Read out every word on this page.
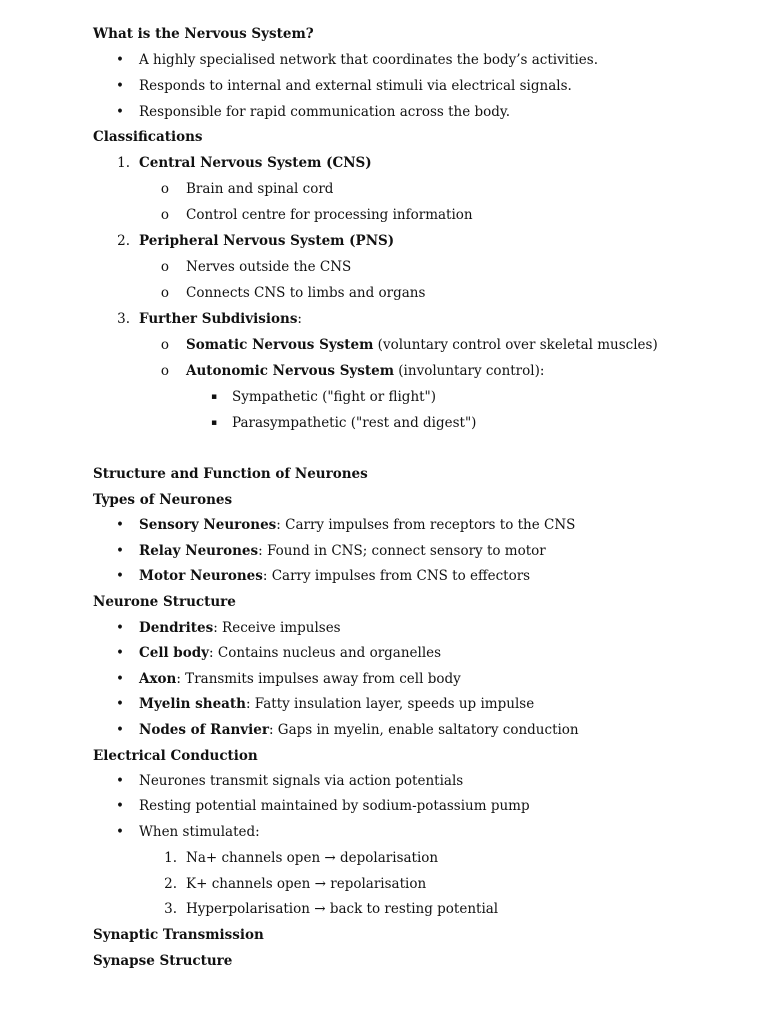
What is the Nervous System?
• A highly specialised network that coordinates the body’s activities.
• Responds to internal and external stimuli via electrical signals.
• Responsible for rapid communication across the body.
Classifications
1. Central Nervous System (CNS)
o Brain and spinal cord
o Control centre for processing information
2. Peripheral Nervous System (PNS)
o Nerves outside the CNS
o Connects CNS to limbs and organs
3. Further Subdivisions:
o Somatic Nervous System (voluntary control over skeletal muscles)
o Autonomic Nervous System (involuntary control):
▪ Sympathetic ("fight or flight")
▪ Parasympathetic ("rest and digest")
Structure and Function of Neurones
Types of Neurones
• Sensory Neurones: Carry impulses from receptors to the CNS
• Relay Neurones: Found in CNS; connect sensory to motor
• Motor Neurones: Carry impulses from CNS to effectors
Neurone Structure
• Dendrites: Receive impulses
• Cell body: Contains nucleus and organelles
• Axon: Transmits impulses away from cell body
• Myelin sheath: Fatty insulation layer, speeds up impulse
• Nodes of Ranvier: Gaps in myelin, enable saltatory conduction
Electrical Conduction
• Neurones transmit signals via action potentials
• Resting potential maintained by sodium-potassium pump
• When stimulated:
1. Na+ channels open → depolarisation
2. K+ channels open → repolarisation
3. Hyperpolarisation → back to resting potential
Synaptic Transmission
Synapse Structure
